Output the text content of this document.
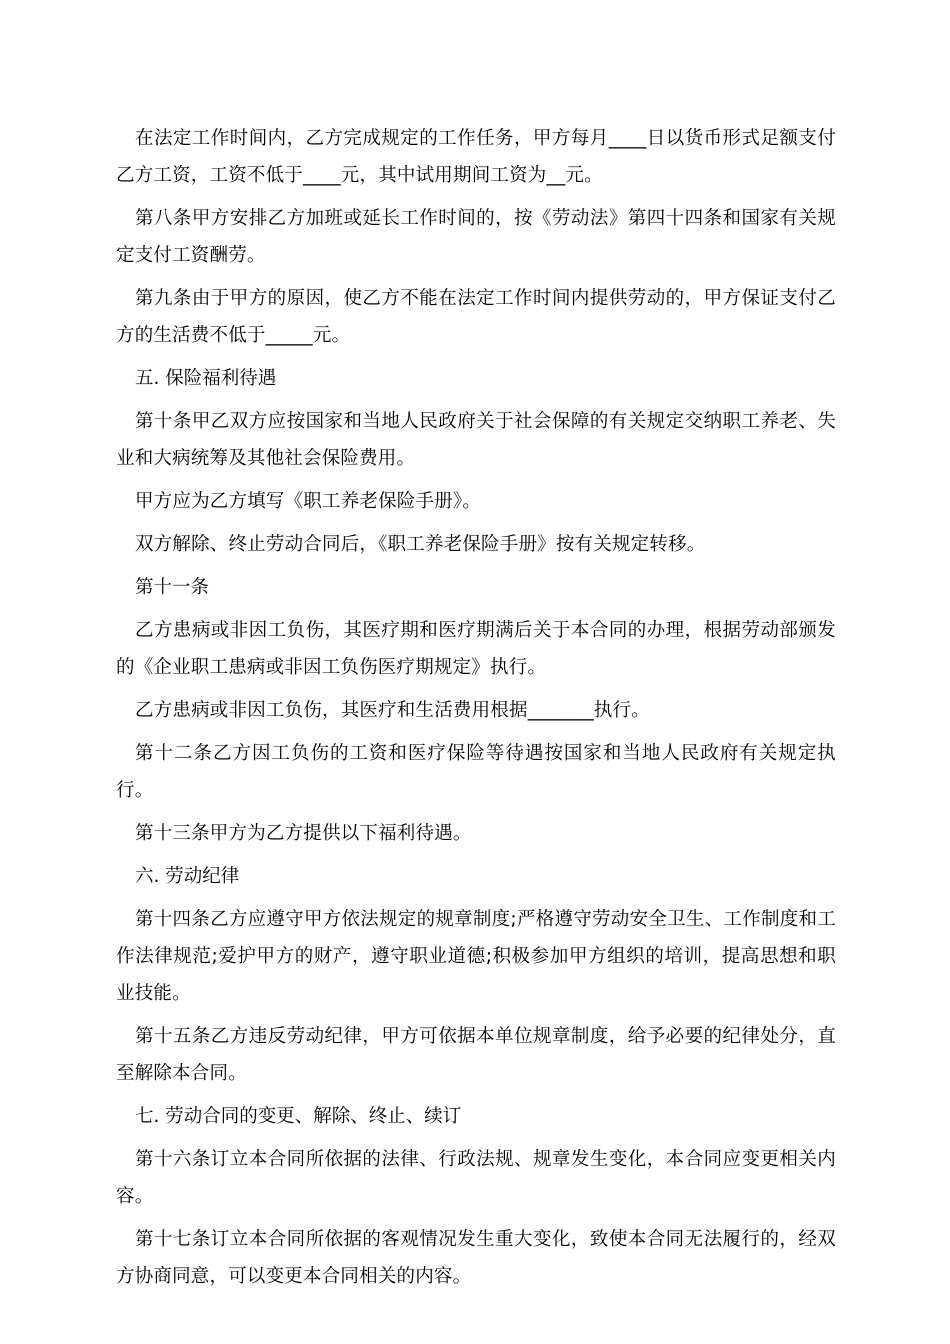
在法定工作时间内，乙方完成规定的工作任务，甲方每月____日以货币形式足额支付乙方工资，工资不低于____元，其中试用期间工资为__元。

第八条甲方安排乙方加班或延长工作时间的，按《劳动法》第四十四条和国家有关规定支付工资酬劳。

第九条由于甲方的原因，使乙方不能在法定工作时间内提供劳动的，甲方保证支付乙方的生活费不低于_____元。

五. 保险福利待遇

第十条甲乙双方应按国家和当地人民政府关于社会保障的有关规定交纳职工养老、失业和大病统筹及其他社会保险费用。

甲方应为乙方填写《职工养老保险手册》。

双方解除、终止劳动合同后，《职工养老保险手册》按有关规定转移。

第十一条

乙方患病或非因工负伤，其医疗期和医疗期满后关于本合同的办理，根据劳动部颁发的《企业职工患病或非因工负伤医疗期规定》执行。

乙方患病或非因工负伤，其医疗和生活费用根据_______执行。

第十二条乙方因工负伤的工资和医疗保险等待遇按国家和当地人民政府有关规定执行。

第十三条甲方为乙方提供以下福利待遇。

六. 劳动纪律

第十四条乙方应遵守甲方依法规定的规章制度;严格遵守劳动安全卫生、工作制度和工作法律规范;爱护甲方的财产，遵守职业道德;积极参加甲方组织的培训，提高思想和职业技能。

第十五条乙方违反劳动纪律，甲方可依据本单位规章制度，给予必要的纪律处分，直至解除本合同。

七. 劳动合同的变更、解除、终止、续订

第十六条订立本合同所依据的法律、行政法规、规章发生变化，本合同应变更相关内容。

第十七条订立本合同所依据的客观情况发生重大变化，致使本合同无法履行的，经双方协商同意，可以变更本合同相关的内容。
